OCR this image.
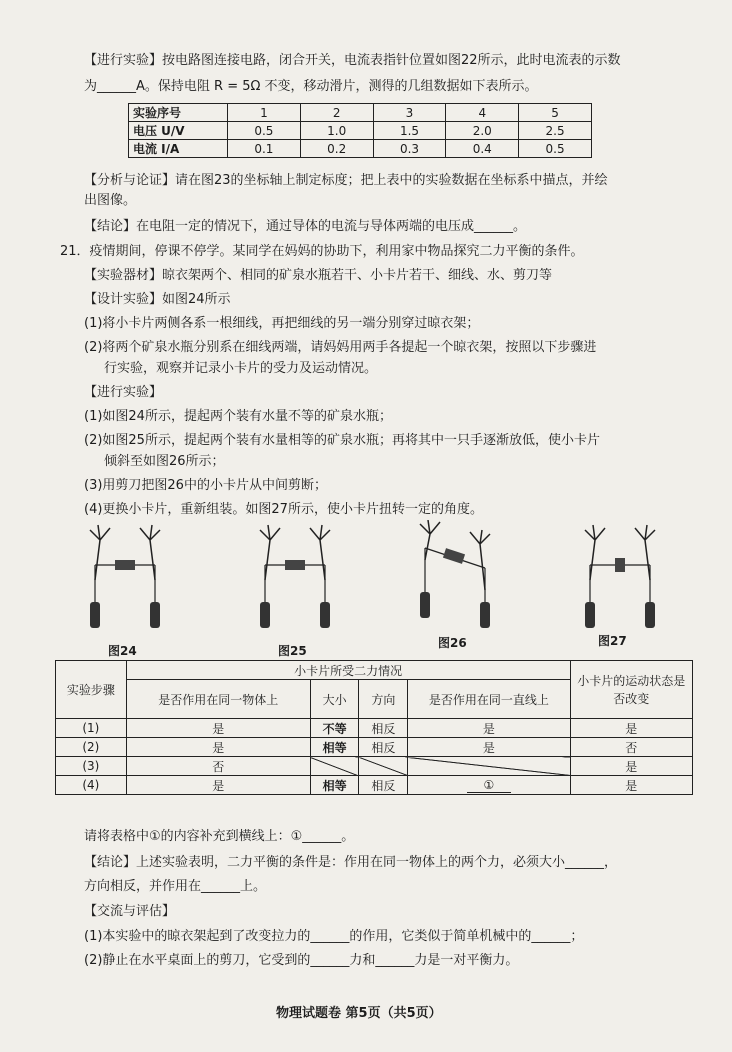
【进行实验】按电路图连接电路，闭合开关，电流表指针位置如图22所示，此时电流表的示数
为______A。保持电阻 R = 5Ω 不变，移动滑片，测得的几组数据如下表所示。
实验序号	1	2	3	4	5
电压 U/V	0.5	1.0	1.5	2.0	2.5
电流 I/A	0.1	0.2	0.3	0.4	0.5
【分析与论证】请在图23的坐标轴上制定标度；把上表中的实验数据在坐标系中描点，并绘
出图像。
【结论】在电阻一定的情况下，通过导体的电流与导体两端的电压成______。
21．疫情期间，停课不停学。某同学在妈妈的协助下，利用家中物品探究二力平衡的条件。
【实验器材】晾衣架两个、相同的矿泉水瓶若干、小卡片若干、细线、水、剪刀等
【设计实验】如图24所示
(1)将小卡片两侧各系一根细线，再把细线的另一端分别穿过晾衣架；
(2)将两个矿泉水瓶分别系在细线两端，请妈妈用两手各提起一个晾衣架，按照以下步骤进
行实验，观察并记录小卡片的受力及运动情况。
【进行实验】
(1)如图24所示，提起两个装有水量不等的矿泉水瓶；
(2)如图25所示，提起两个装有水量相等的矿泉水瓶；再将其中一只手逐渐放低，使小卡片
倾斜至如图26所示；
(3)用剪刀把图26中的小卡片从中间剪断；
(4)更换小卡片，重新组装。如图27所示，使小卡片扭转一定的角度。
图24	图25
图26	图27
实验步骤	小卡片所受二力情况				小卡片的运动状态是否改变
	是否作用在同一物体上	大小	方向	是否作用在同一直线上	
(1)	是	不等	相反	是	是
(2)	是	相等	相反	是	否
(3)	否				是
(4)	是	相等	相反	①	是
请将表格中①的内容补充到横线上：①______。
【结论】上述实验表明，二力平衡的条件是：作用在同一物体上的两个力，必须大小______，
方向相反，并作用在______上。
【交流与评估】
(1)本实验中的晾衣架起到了改变拉力的______的作用，它类似于简单机械中的______；
(2)静止在水平桌面上的剪刀，它受到的______力和______力是一对平衡力。
物理试题卷 第5页（共5页）
